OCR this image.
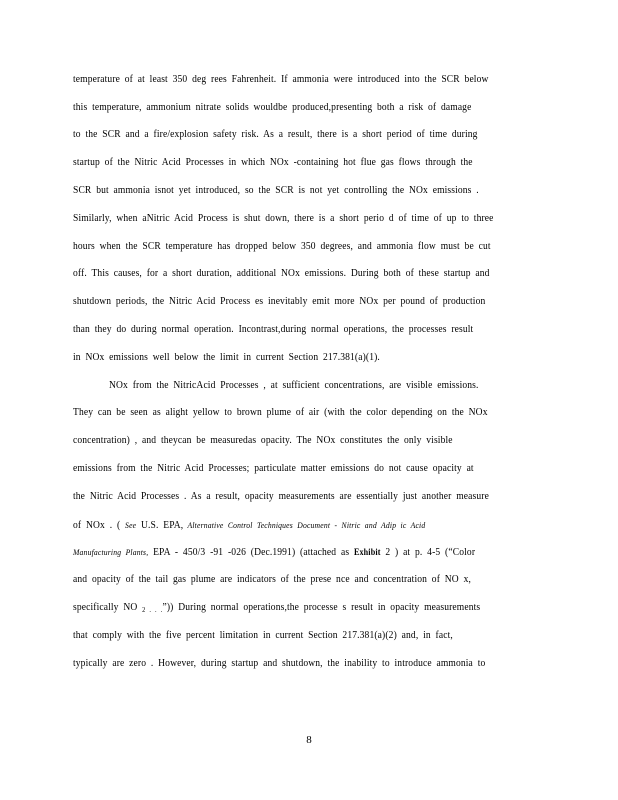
temperature of at least 350 deg rees Fahrenheit. If ammonia were introduced into the SCR below
this temperature, ammonium nitrate solids wouldbe produced,presenting both a risk of damage
to the SCR and a fire/explosion safety risk. As a result, there is a short period of time during
startup of the Nitric Acid Processes in which NOx -containing hot flue gas flows through the
SCR but ammonia isnot yet introduced, so the SCR is not yet controlling the NOx emissions .
Similarly, when aNitric Acid Process is shut down, there is a short perio d of time of up to three
hours when the SCR temperature has dropped below 350 degrees, and ammonia flow must be cut
off. This causes, for a short duration, additional NOx emissions. During both of these startup and
shutdown periods, the Nitric Acid Process es inevitably emit more NOx per pound of production
than they do during normal operation. Incontrast,during normal operations, the processes result
in NOx emissions well below the limit in current Section 217.381(a)(1).
NOx from the NitricAcid Processes , at sufficient concentrations, are visible emissions.
They can be seen as alight yellow to brown plume of air (with the color depending on the NOx
concentration) , and theycan be measuredas opacity. The NOx constitutes the only visible
emissions from the Nitric Acid Processes; particulate matter emissions do not cause opacity at
the Nitric Acid Processes . As a result, opacity measurements are essentially just another measure
of NOx . ( See U.S. EPA, Alternative Control Techniques Document - Nitric and Adip ic Acid
Manufacturing Plants, EPA - 450/3 -91 -026 (Dec.1991) (attached as Exhibit 2 ) at p. 4-5 (“Color
and opacity of the tail gas plume are indicators of the prese nce and concentration of NO x,
specifically NO $_{2 . . .}$”)) During normal operations,the processe s result in opacity measurements
that comply with the five percent limitation in current Section 217.381(a)(2) and, in fact,
typically are zero . However, during startup and shutdown, the inability to introduce ammonia to
8
